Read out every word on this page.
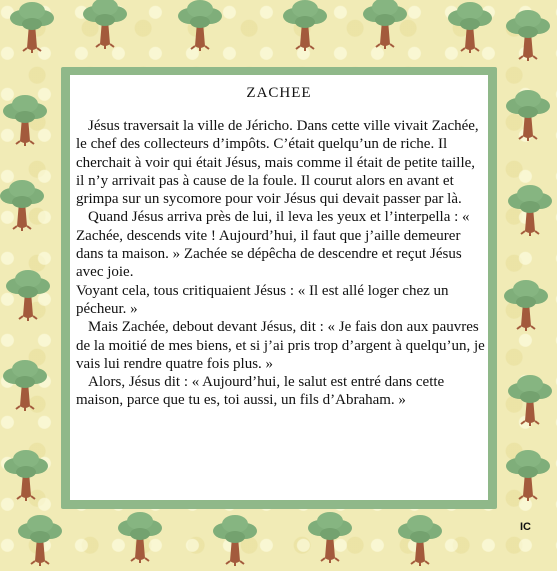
ZACHEE
Jésus traversait la ville de Jéricho. Dans cette ville vivait Zachée, le chef des collecteurs d’impôts. C’était quelqu’un de riche. Il cherchait à voir qui était Jésus, mais comme il était de petite taille, il n’y arrivait pas à cause de la foule. Il courut alors en avant et grimpa sur un sycomore pour voir Jésus qui devait passer par là.
Quand Jésus arriva près de lui, il leva les yeux et l’interpella : « Zachée, descends vite ! Aujourd’hui, il faut que j’aille demeurer dans ta maison. » Zachée se dépêcha de descendre et reçut Jésus avec joie.
Voyant cela, tous critiquaient Jésus : « Il est allé loger chez un pécheur. »
Mais Zachée, debout devant Jésus, dit : « Je fais don aux pauvres de la moitié de mes biens, et si j’ai pris trop d’argent à quelqu’un, je vais lui rendre quatre fois plus. »
Alors, Jésus dit : « Aujourd’hui, le salut est entré dans cette maison, parce que tu es, toi aussi, un fils d’Abraham. »
IC
